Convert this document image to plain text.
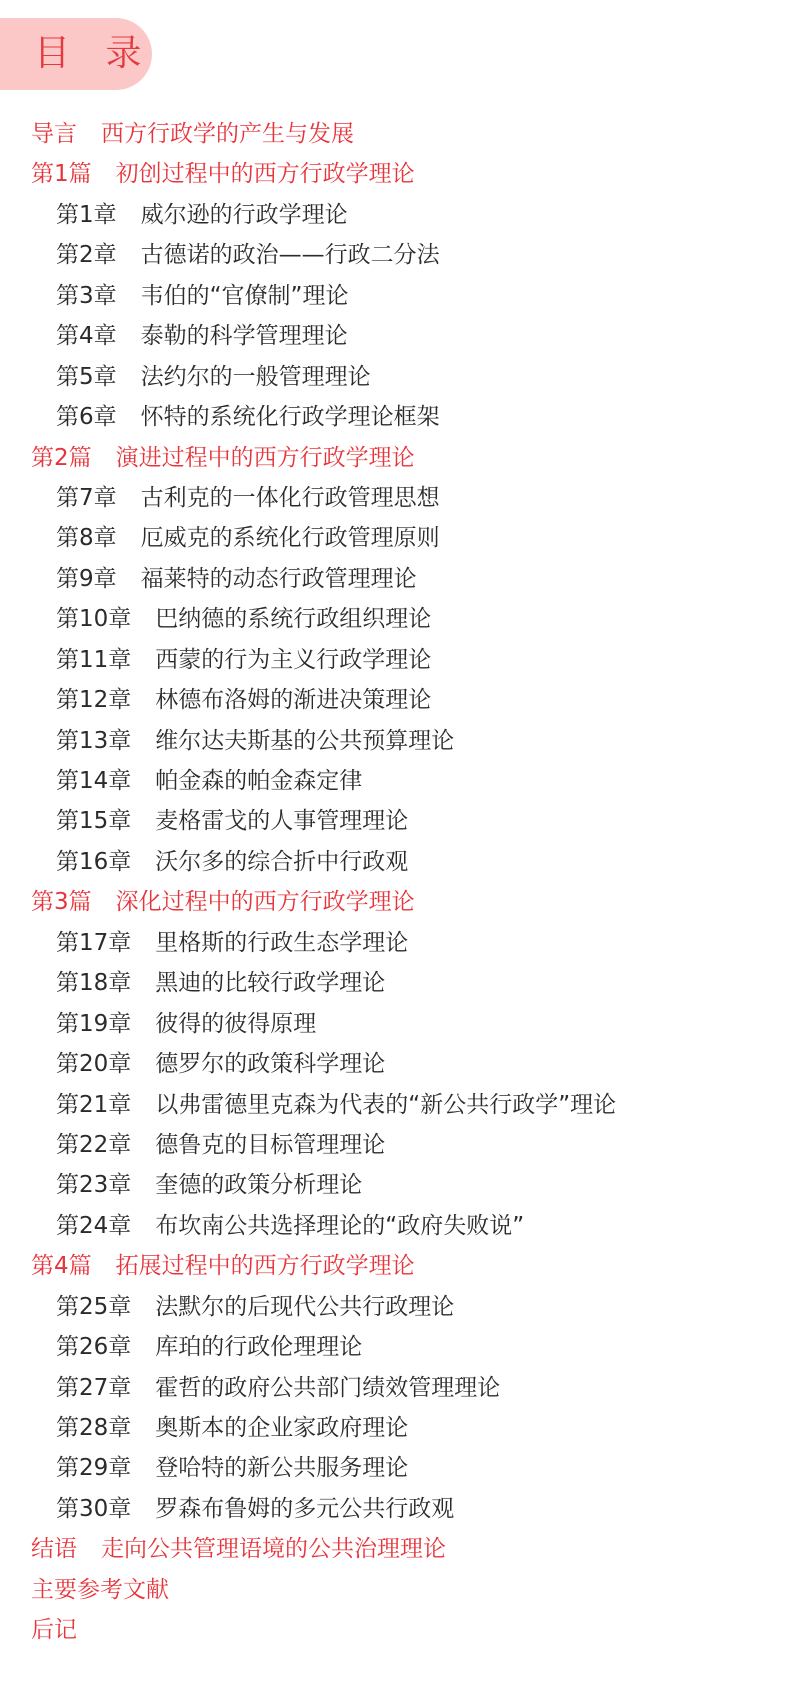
目 录
导言 西方行政学的产生与发展
第1篇 初创过程中的西方行政学理论
第1章 威尔逊的行政学理论
第2章 古德诺的政治——行政二分法
第3章 韦伯的“官僚制”理论
第4章 泰勒的科学管理理论
第5章 法约尔的一般管理理论
第6章 怀特的系统化行政学理论框架
第2篇 演进过程中的西方行政学理论
第7章 古利克的一体化行政管理思想
第8章 厄威克的系统化行政管理原则
第9章 福莱特的动态行政管理理论
第10章 巴纳德的系统行政组织理论
第11章 西蒙的行为主义行政学理论
第12章 林德布洛姆的渐进决策理论
第13章 维尔达夫斯基的公共预算理论
第14章 帕金森的帕金森定律
第15章 麦格雷戈的人事管理理论
第16章 沃尔多的综合折中行政观
第3篇 深化过程中的西方行政学理论
第17章 里格斯的行政生态学理论
第18章 黑迪的比较行政学理论
第19章 彼得的彼得原理
第20章 德罗尔的政策科学理论
第21章 以弗雷德里克森为代表的“新公共行政学”理论
第22章 德鲁克的目标管理理论
第23章 奎德的政策分析理论
第24章 布坎南公共选择理论的“政府失败说”
第4篇 拓展过程中的西方行政学理论
第25章 法默尔的后现代公共行政理论
第26章 库珀的行政伦理理论
第27章 霍哲的政府公共部门绩效管理理论
第28章 奥斯本的企业家政府理论
第29章 登哈特的新公共服务理论
第30章 罗森布鲁姆的多元公共行政观
结语 走向公共管理语境的公共治理理论
主要参考文献
后记
